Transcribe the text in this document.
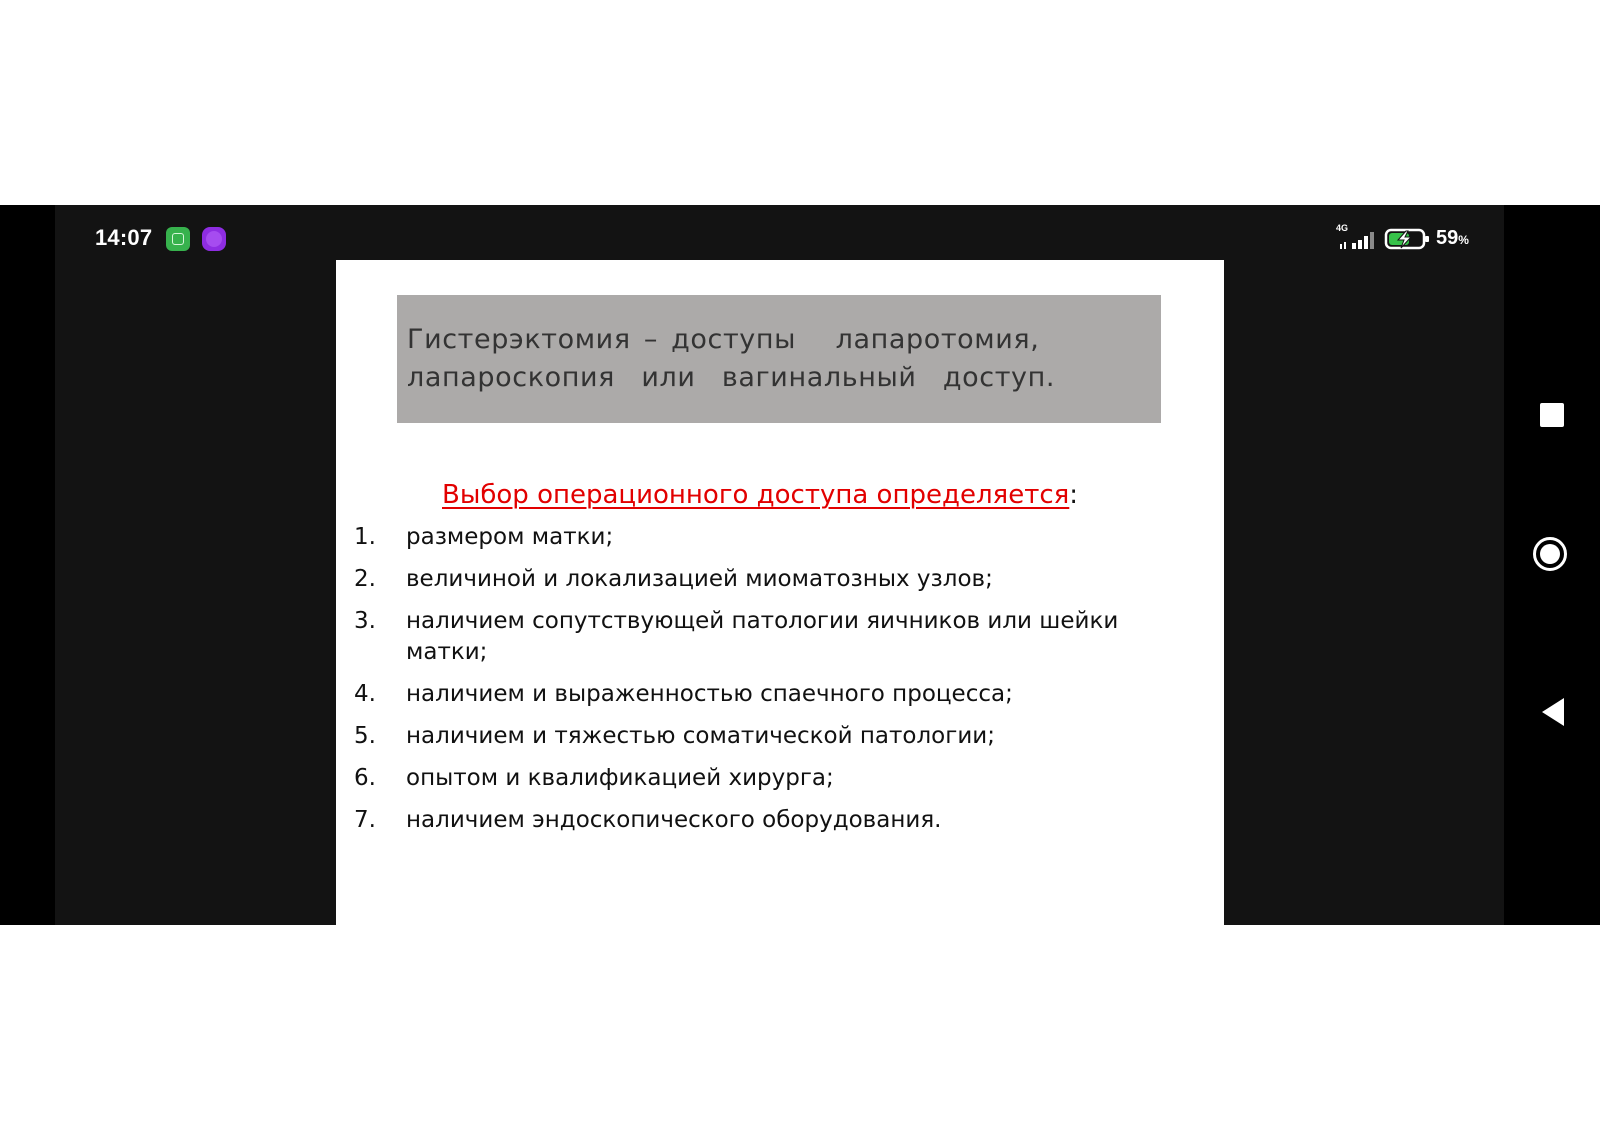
14:07	4G	59%
Гистерэктомия – доступы   лапаротомия,
лапароскопия  или  вагинальный  доступ.
Выбор операционного доступа определяется:
1. размером матки;
2. величиной и локализацией миоматозных узлов;
3. наличием сопутствующей патологии яичников или шейки матки;
4. наличием и выраженностью спаечного процесса;
5. наличием и тяжестью соматической патологии;
6. опытом и квалификацией хирурга;
7. наличием эндоскопического оборудования.
